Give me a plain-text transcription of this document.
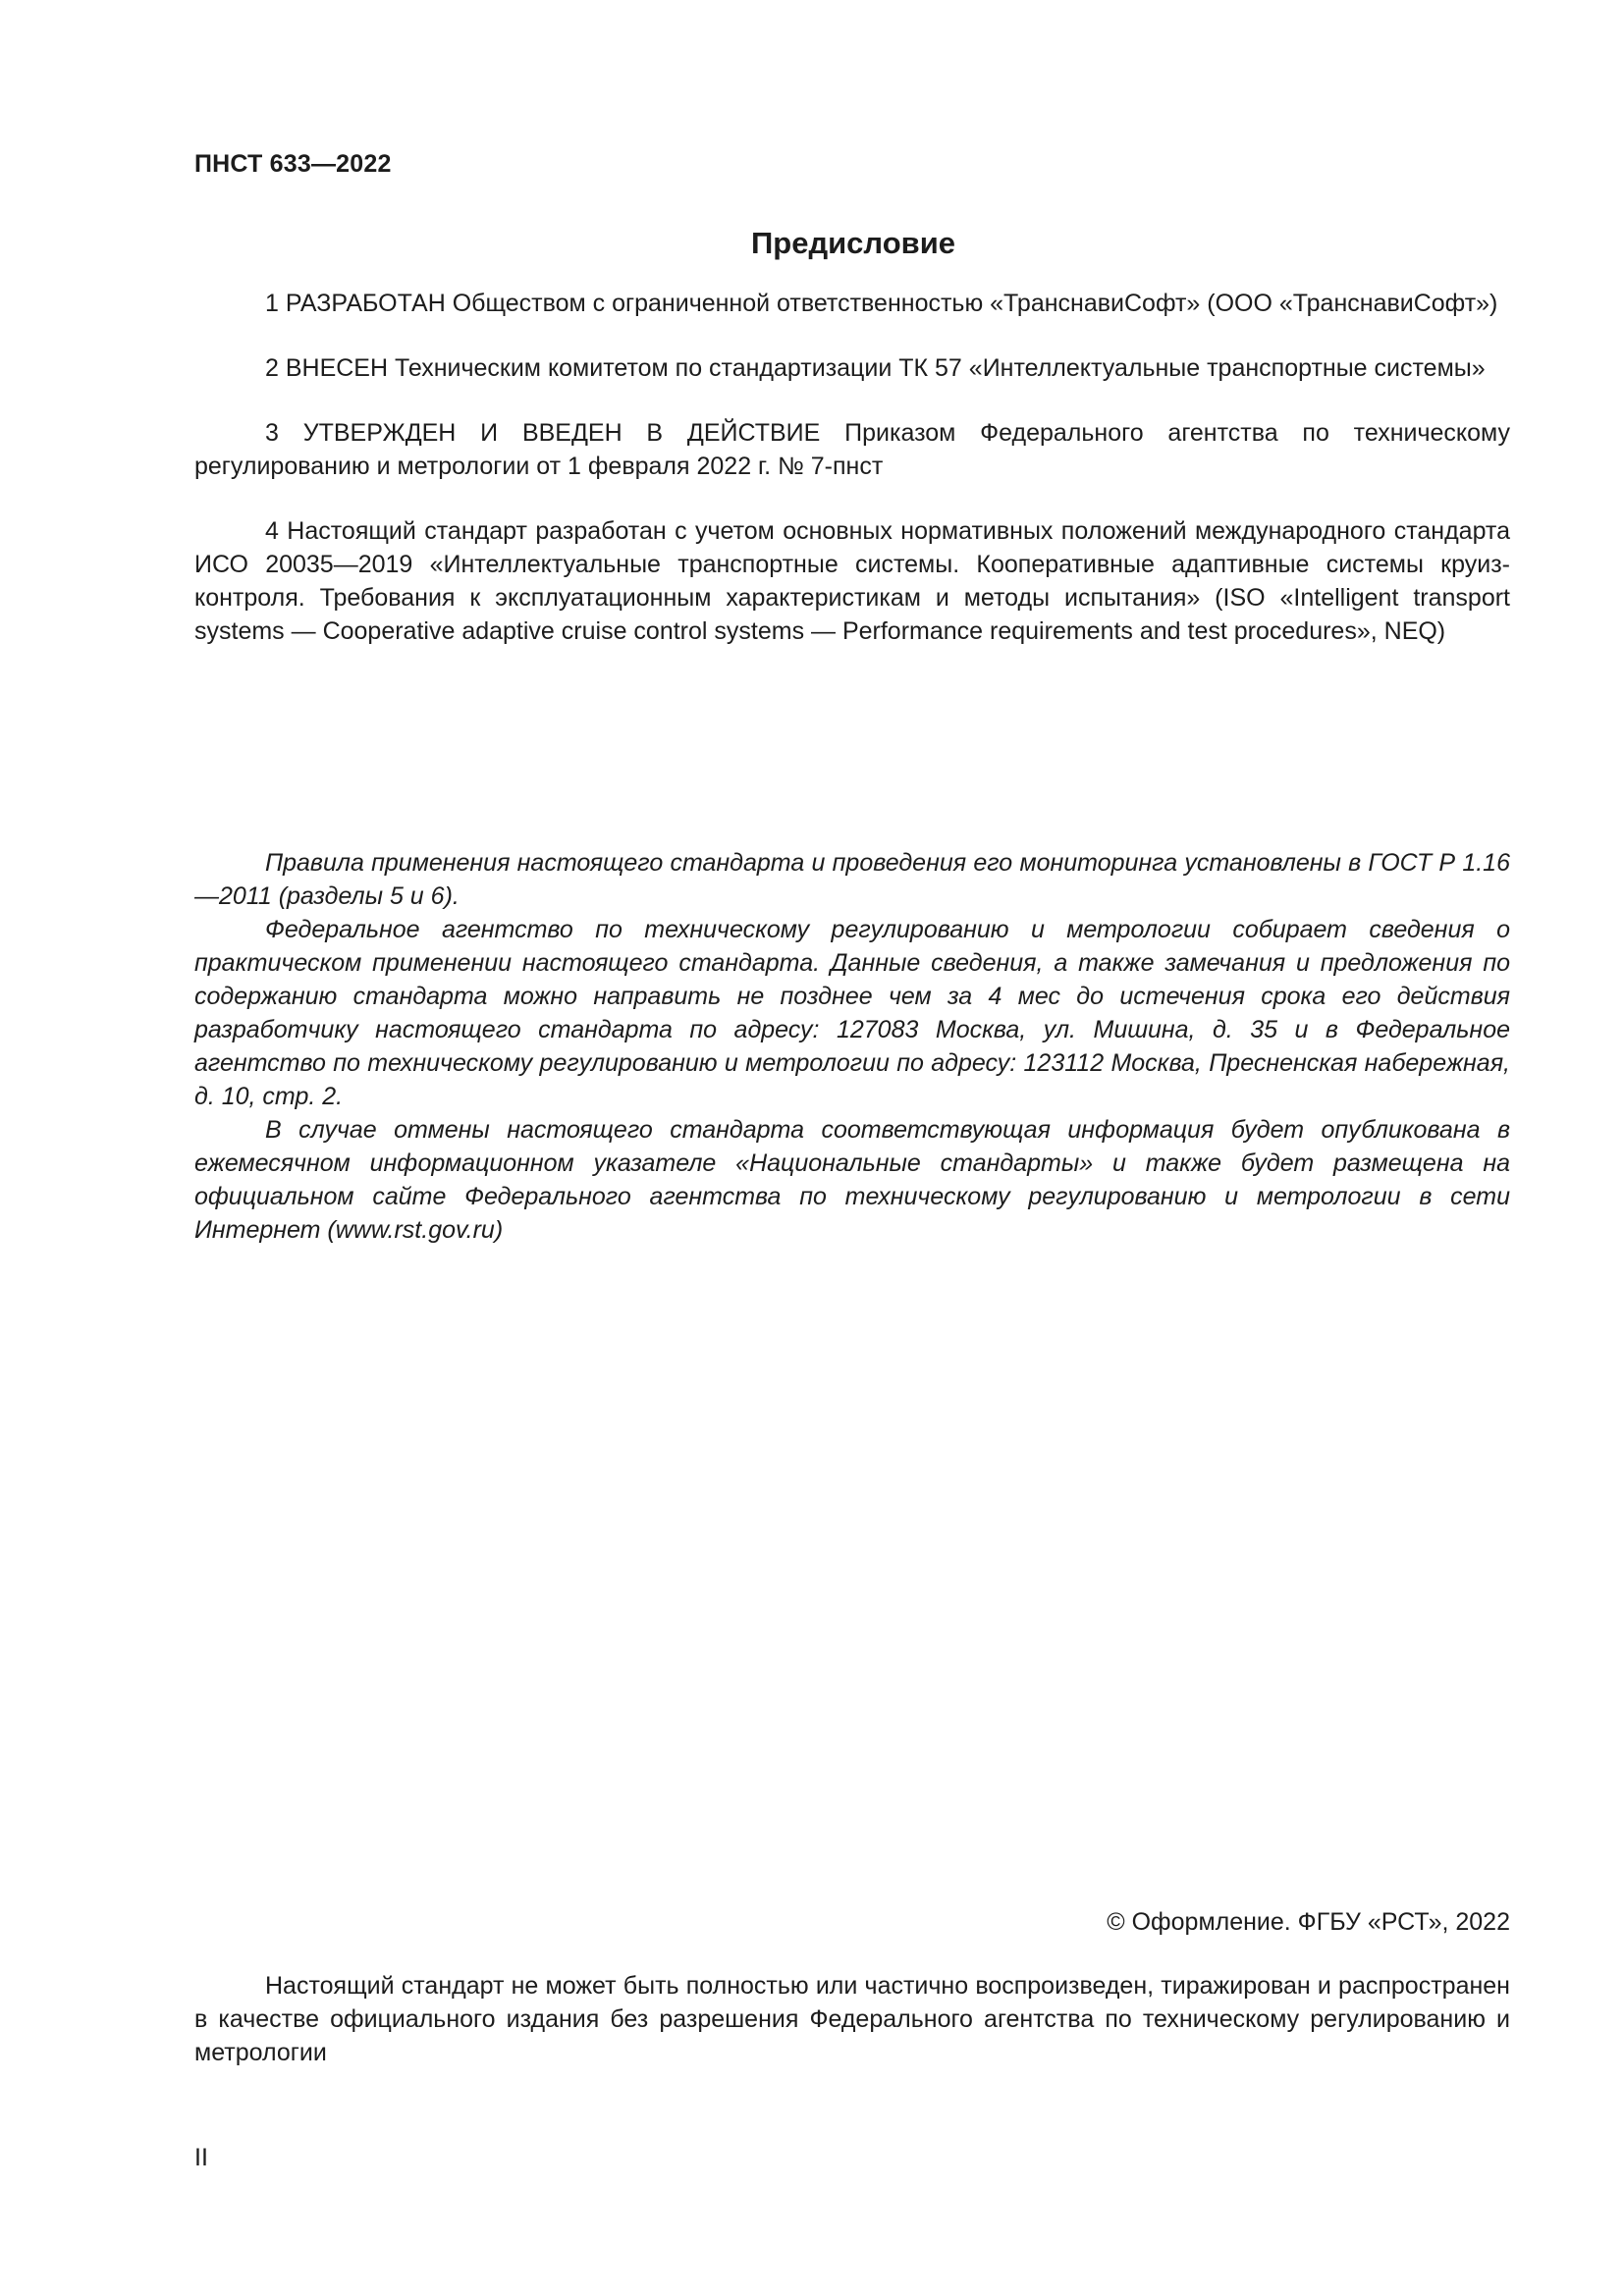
ПНСТ 633—2022
Предисловие

1 РАЗРАБОТАН Обществом с ограниченной ответственностью «ТранснавиСофт» (ООО «ТранснавиСофт»)

2 ВНЕСЕН Техническим комитетом по стандартизации ТК 57 «Интеллектуальные транспортные системы»

3 УТВЕРЖДЕН И ВВЕДЕН В ДЕЙСТВИЕ Приказом Федерального агентства по техническому регулированию и метрологии от 1 февраля 2022 г. № 7-пнст

4 Настоящий стандарт разработан с учетом основных нормативных положений международного стандарта ИСО 20035—2019 «Интеллектуальные транспортные системы. Кооперативные адаптивные системы круиз-контроля. Требования к эксплуатационным характеристикам и методы испытания» (ISO «Intelligent transport systems — Cooperative adaptive cruise control systems — Performance requirements and test procedures», NEQ)

Правила применения настоящего стандарта и проведения его мониторинга установлены в ГОСТ Р 1.16—2011 (разделы 5 и 6).

Федеральное агентство по техническому регулированию и метрологии собирает сведения о практическом применении настоящего стандарта. Данные сведения, а также замечания и предложения по содержанию стандарта можно направить не позднее чем за 4 мес до истечения срока его действия разработчику настоящего стандарта по адресу: 127083 Москва, ул. Мишина, д. 35 и в Федеральное агентство по техническому регулированию и метрологии по адресу: 123112 Москва, Пресненская набережная, д. 10, стр. 2.

В случае отмены настоящего стандарта соответствующая информация будет опубликована в ежемесячном информационном указателе «Национальные стандарты» и также будет размещена на официальном сайте Федерального агентства по техническому регулированию и метрологии в сети Интернет (www.rst.gov.ru)

© Оформление. ФГБУ «РСТ», 2022

Настоящий стандарт не может быть полностью или частично воспроизведен, тиражирован и распространен в качестве официального издания без разрешения Федерального агентства по техническому регулированию и метрологии

II
